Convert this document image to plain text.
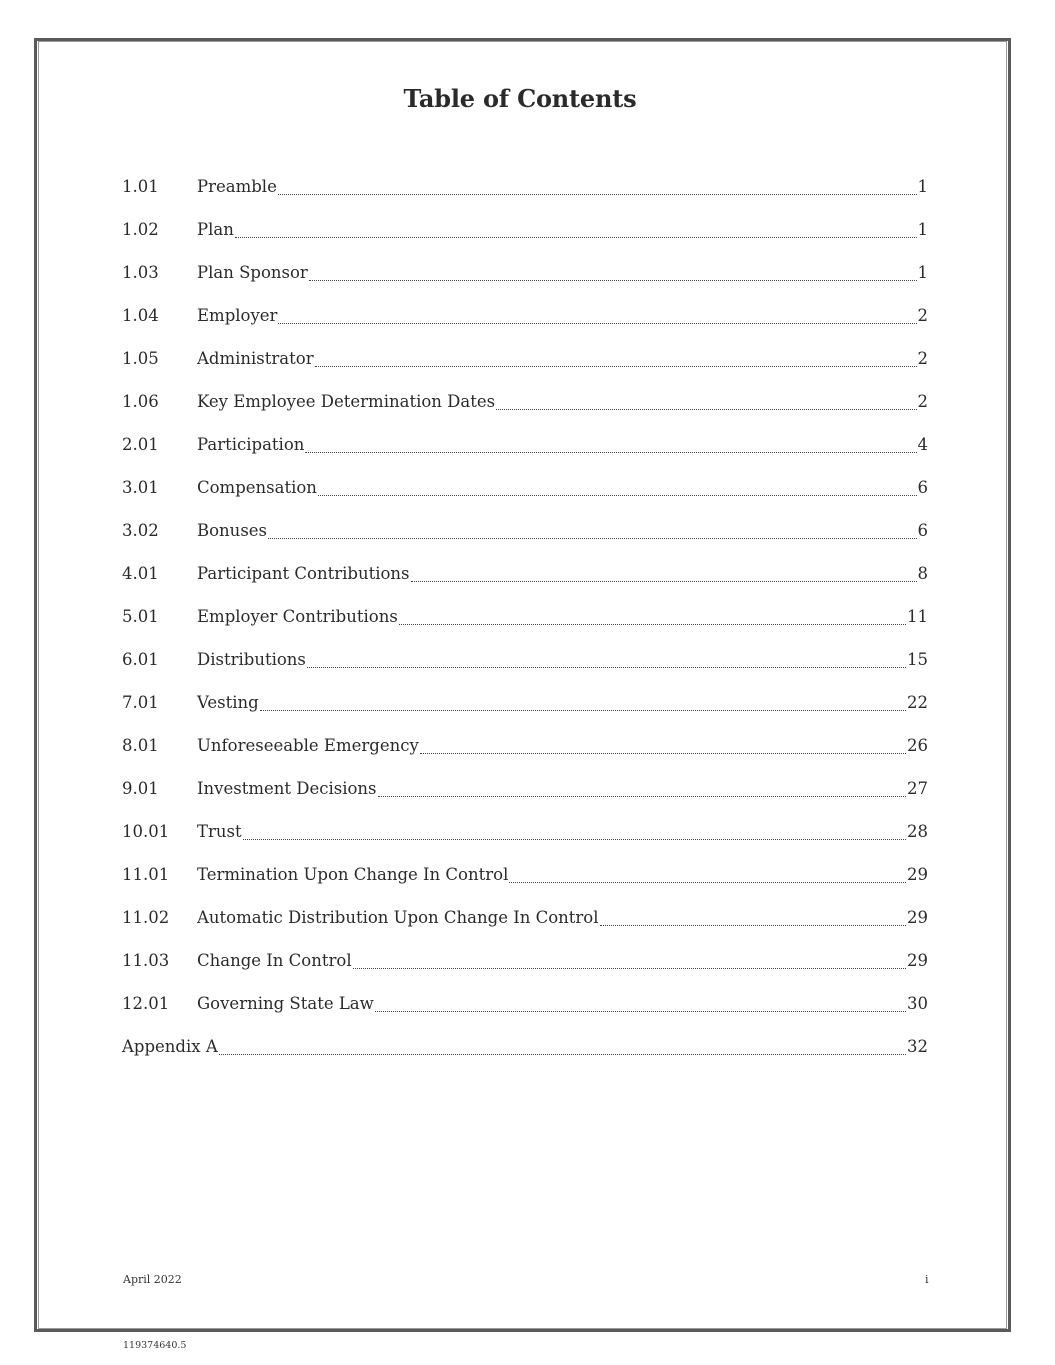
Table of Contents
1.01	Preamble	1
1.02	Plan	1
1.03	Plan Sponsor	1
1.04	Employer	2
1.05	Administrator	2
1.06	Key Employee Determination Dates	2
2.01	Participation	4
3.01	Compensation	6
3.02	Bonuses	6
4.01	Participant Contributions	8
5.01	Employer Contributions	11
6.01	Distributions	15
7.01	Vesting	22
8.01	Unforeseeable Emergency	26
9.01	Investment Decisions	27
10.01	Trust	28
11.01	Termination Upon Change In Control	29
11.02	Automatic Distribution Upon Change In Control	29
11.03	Change In Control	29
12.01	Governing State Law	30
Appendix A	32
April 2022	i
119374640.5
